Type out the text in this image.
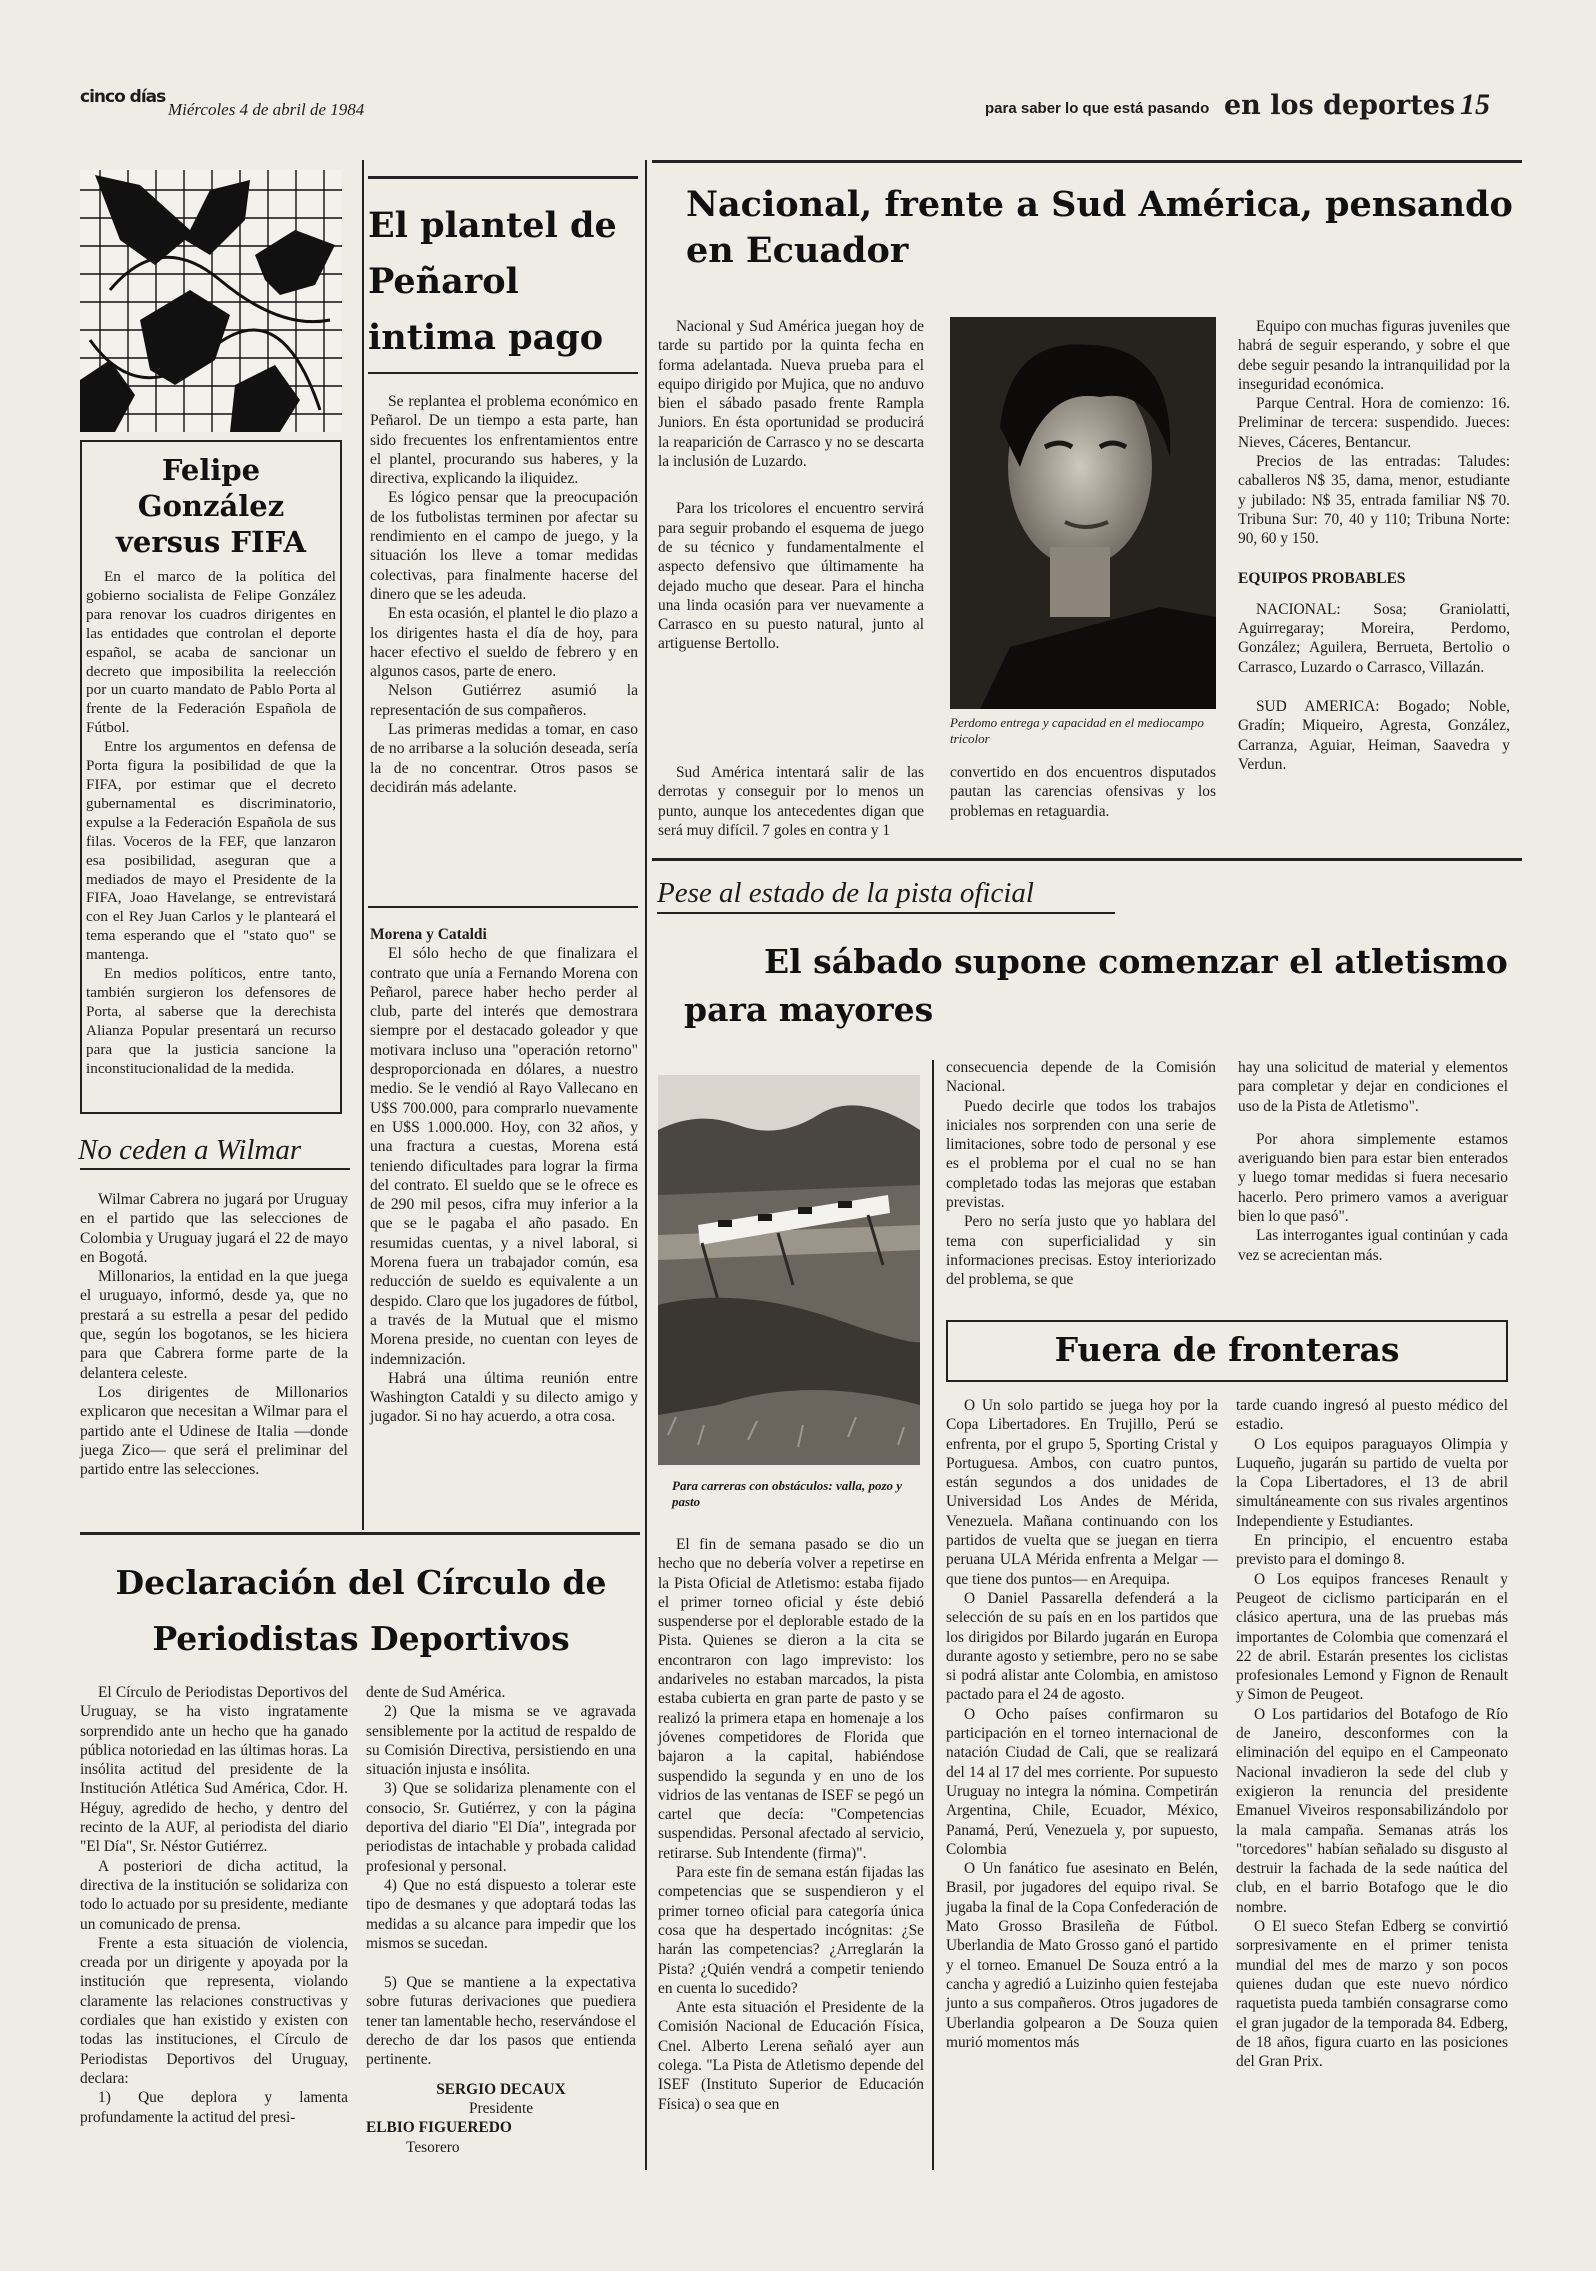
cinco días
Miércoles 4 de abril de 1984	para saber lo que está pasando en los deportes 15
Felipe González versus FIFA

En el marco de la política del gobierno socialista de Felipe González para renovar los cuadros dirigentes en las entidades que controlan el deporte español, se acaba de sancionar un decreto que imposibilita la reelección por un cuarto mandato de Pablo Porta al frente de la Federación Española de Fútbol.

Entre los argumentos en defensa de Porta figura la posibilidad de que la FIFA, por estimar que el decreto gubernamental es discriminatorio, expulse a la Federación Española de sus filas. Voceros de la FEF, que lanzaron esa posibilidad, aseguran que a mediados de mayo el Presidente de la FIFA, Joao Havelange, se entrevistará con el Rey Juan Carlos y le planteará el tema esperando que el "stato quo" se mantenga.

En medios políticos, entre tanto, también surgieron los defensores de Porta, al saberse que la derechista Alianza Popular presentará un recurso para que la justicia sancione la inconstitucionalidad de la medida.

No ceden a Wilmar

Wilmar Cabrera no jugará por Uruguay en el partido que las selecciones de Colombia y Uruguay jugará el 22 de mayo en Bogotá.

Millonarios, la entidad en la que juega el uruguayo, informó, desde ya, que no prestará a su estrella a pesar del pedido que, según los bogotanos, se les hiciera para que Cabrera forme parte de la delantera celeste.

Los dirigentes de Millonarios explicaron que necesitan a Wilmar para el partido ante el Udinese de Italia —donde juega Zico— que será el preliminar del partido entre las selecciones.

El plantel de Peñarol intima pago

Se replantea el problema económico en Peñarol. De un tiempo a esta parte, han sido frecuentes los enfrentamientos entre el plantel, procurando sus haberes, y la directiva, explicando la iliquidez.

Es lógico pensar que la preocupación de los futbolistas terminen por afectar su rendimiento en el campo de juego, y la situación los lleve a tomar medidas colectivas, para finalmente hacerse del dinero que se les adeuda.

En esta ocasión, el plantel le dio plazo a los dirigentes hasta el día de hoy, para hacer efectivo el sueldo de febrero y en algunos casos, parte de enero.

Nelson Gutiérrez asumió la representación de sus compañeros.

Las primeras medidas a tomar, en caso de no arribarse a la solución deseada, sería la de no concentrar. Otros pasos se decidirán más adelante.

Morena y Cataldi

El sólo hecho de que finalizara el contrato que unía a Fernando Morena con Peñarol, parece haber hecho perder al club, parte del interés que demostrara siempre por el destacado goleador y que motivara incluso una "operación retorno" desproporcionada en dólares, a nuestro medio. Se le vendió al Rayo Vallecano en U$S 700.000, para comprarlo nuevamente en U$S 1.000.000. Hoy, con 32 años, y una fractura a cuestas, Morena está teniendo dificultades para lograr la firma del contrato. El sueldo que se le ofrece es de 290 mil pesos, cifra muy inferior a la que se le pagaba el año pasado. En resumidas cuentas, y a nivel laboral, si Morena fuera un trabajador común, esa reducción de sueldo es equivalente a un despido. Claro que los jugadores de fútbol, a través de la Mutual que el mismo Morena preside, no cuentan con leyes de indemnización.

Habrá una última reunión entre Washington Cataldi y su dilecto amigo y jugador. Si no hay acuerdo, a otra cosa.

Nacional, frente a Sud América, pensando en Ecuador

Nacional y Sud América juegan hoy de tarde su partido por la quinta fecha en forma adelantada. Nueva prueba para el equipo dirigido por Mujica, que no anduvo bien el sábado pasado frente Rampla Juniors. En ésta oportunidad se producirá la reaparición de Carrasco y no se descarta la inclusión de Luzardo.

Para los tricolores el encuentro servirá para seguir probando el esquema de juego de su técnico y fundamentalmente el aspecto defensivo que últimamente ha dejado mucho que desear. Para el hincha una linda ocasión para ver nuevamente a Carrasco en su puesto natural, junto al artiguense Bertollo.

Perdomo entrega y capacidad en el mediocampo tricolor

Sud América intentará salir de las derrotas y conseguir por lo menos un punto, aunque los antecedentes digan que será muy difícil. 7 goles en contra y 1

convertido en dos encuentros disputados pautan las carencias ofensivas y los problemas en retaguardia.

Equipo con muchas figuras juveniles que habrá de seguir esperando, y sobre el que debe seguir pesando la intranquilidad por la inseguridad económica.

Parque Central. Hora de comienzo: 16. Preliminar de tercera: suspendido. Jueces: Nieves, Cáceres, Bentancur.

Precios de las entradas: Taludes: caballeros N$ 35, dama, menor, estudiante y jubilado: N$ 35, entrada familiar N$ 70. Tribuna Sur: 70, 40 y 110; Tribuna Norte: 90, 60 y 150.

EQUIPOS PROBABLES

NACIONAL: Sosa; Graniolatti, Aguirregaray; Moreira, Perdomo, González; Aguilera, Berrueta, Bertolio o Carrasco, Luzardo o Carrasco, Villazán.

SUD AMERICA: Bogado; Noble, Gradín; Miqueiro, Agresta, González, Carranza, Aguiar, Heiman, Saavedra y Verdun.

Pese al estado de la pista oficial
El sábado supone comenzar el atletismo para mayores
Para carreras con obstáculos: valla, pozo y pasto

El fin de semana pasado se dio un hecho que no debería volver a repetirse en la Pista Oficial de Atletismo: estaba fijado el primer torneo oficial y éste debió suspenderse por el deplorable estado de la Pista. Quienes se dieron a la cita se encontraron con lago imprevisto: los andariveles no estaban marcados, la pista estaba cubierta en gran parte de pasto y se realizó la primera etapa en homenaje a los jóvenes competidores de Florida que bajaron a la capital, habiéndose suspendido la segunda y en uno de los vidrios de las ventanas de ISEF se pegó un cartel que decía: "Competencias suspendidas. Personal afectado al servicio, retirarse. Sub Intendente (firma)".

Para este fin de semana están fijadas las competencias que se suspendieron y el primer torneo oficial para categoría única cosa que ha despertado incógnitas: ¿Se harán las competencias? ¿Arreglarán la Pista? ¿Quién vendrá a competir teniendo en cuenta lo sucedido?

Ante esta situación el Presidente de la Comisión Nacional de Educación Física, Cnel. Alberto Lerena señaló ayer aun colega. "La Pista de Atletismo depende del ISEF (Instituto Superior de Educación Física) o sea que en

consecuencia depende de la Comisión Nacional.

Puedo decirle que todos los trabajos iniciales nos sorprenden con una serie de limitaciones, sobre todo de personal y ese es el problema por el cual no se han completado todas las mejoras que estaban previstas.

Pero no sería justo que yo hablara del tema con superficialidad y sin informaciones precisas. Estoy interiorizado del problema, se que

hay una solicitud de material y elementos para completar y dejar en condiciones el uso de la Pista de Atletismo".

Por ahora simplemente estamos averiguando bien para estar bien enterados y luego tomar medidas si fuera necesario hacerlo. Pero primero vamos a averiguar bien lo que pasó".

Las interrogantes igual continúan y cada vez se acrecientan más.

Fuera de fronteras

O Un solo partido se juega hoy por la Copa Libertadores. En Trujillo, Perú se enfrenta, por el grupo 5, Sporting Cristal y Portuguesa. Ambos, con cuatro puntos, están segundos a dos unidades de Universidad Los Andes de Mérida, Venezuela. Mañana continuando con los partidos de vuelta que se juegan en tierra peruana ULA Mérida enfrenta a Melgar —que tiene dos puntos— en Arequipa.

O Daniel Passarella defenderá a la selección de su país en en los partidos que los dirigidos por Bilardo jugarán en Europa durante agosto y setiembre, pero no se sabe si podrá alistar ante Colombia, en amistoso pactado para el 24 de agosto.

O Ocho países confirmaron su participación en el torneo internacional de natación Ciudad de Cali, que se realizará del 14 al 17 del mes corriente. Por supuesto Uruguay no integra la nómina. Competirán Argentina, Chile, Ecuador, México, Panamá, Perú, Venezuela y, por supuesto, Colombia

O Un fanático fue asesinato en Belén, Brasil, por jugadores del equipo rival. Se jugaba la final de la Copa Confederación de Mato Grosso Brasileña de Fútbol. Uberlandia de Mato Grosso ganó el partido y el torneo. Emanuel De Souza entró a la cancha y agredió a Luizinho quien festejaba junto a sus compañeros. Otros jugadores de Uberlandia golpearon a De Souza quien murió momentos más

tarde cuando ingresó al puesto médico del estadio.

O Los equipos paraguayos Olimpia y Luqueño, jugarán su partido de vuelta por la Copa Libertadores, el 13 de abril simultáneamente con sus rivales argentinos Independiente y Estudiantes.

En principio, el encuentro estaba previsto para el domingo 8.

O Los equipos franceses Renault y Peugeot de ciclismo participarán en el clásico apertura, una de las pruebas más importantes de Colombia que comenzará el 22 de abril. Estarán presentes los ciclistas profesionales Lemond y Fignon de Renault y Simon de Peugeot.

O Los partidarios del Botafogo de Río de Janeiro, desconformes con la eliminación del equipo en el Campeonato Nacional invadieron la sede del club y exigieron la renuncia del presidente Emanuel Viveiros responsabilizándolo por la mala campaña. Semanas atrás los "torcedores" habían señalado su disgusto al destruir la fachada de la sede naútica del club, en el barrio Botafogo que le dio nombre.

O El sueco Stefan Edberg se convirtió sorpresivamente en el primer tenista mundial del mes de marzo y son pocos quienes dudan que este nuevo nórdico raquetista pueda también consagrarse como el gran jugador de la temporada 84. Edberg, de 18 años, figura cuarto en las posiciones del Gran Prix.

Declaración del Círculo de Periodistas Deportivos

El Círculo de Periodistas Deportivos del Uruguay, se ha visto ingratamente sorprendido ante un hecho que ha ganado pública notoriedad en las últimas horas. La insólita actitud del presidente de la Institución Atlética Sud América, Cdor. H. Héguy, agredido de hecho, y dentro del recinto de la AUF, al periodista del diario "El Día", Sr. Néstor Gutiérrez.

A posteriori de dicha actitud, la directiva de la institución se solidariza con todo lo actuado por su presidente, mediante un comunicado de prensa.

Frente a esta situación de violencia, creada por un dirigente y apoyada por la institución que representa, violando claramente las relaciones constructivas y cordiales que han existido y existen con todas las instituciones, el Círculo de Periodistas Deportivos del Uruguay, declara:

1) Que deplora y lamenta profundamente la actitud del presi-

dente de Sud América.

2) Que la misma se ve agravada sensiblemente por la actitud de respaldo de su Comisión Directiva, persistiendo en una situación injusta e insólita.

3) Que se solidariza plenamente con el consocio, Sr. Gutiérrez, y con la página deportiva del diario "El Día", integrada por periodistas de intachable y probada calidad profesional y personal.

4) Que no está dispuesto a tolerar este tipo de desmanes y que adoptará todas las medidas a su alcance para impedir que los mismos se sucedan.

5) Que se mantiene a la expectativa sobre futuras derivaciones que puediera tener tan lamentable hecho, reservándose el derecho de dar los pasos que entienda pertinente.

SERGIO DECAUX
Presidente
ELBIO FIGUEREDO
Tesorero
